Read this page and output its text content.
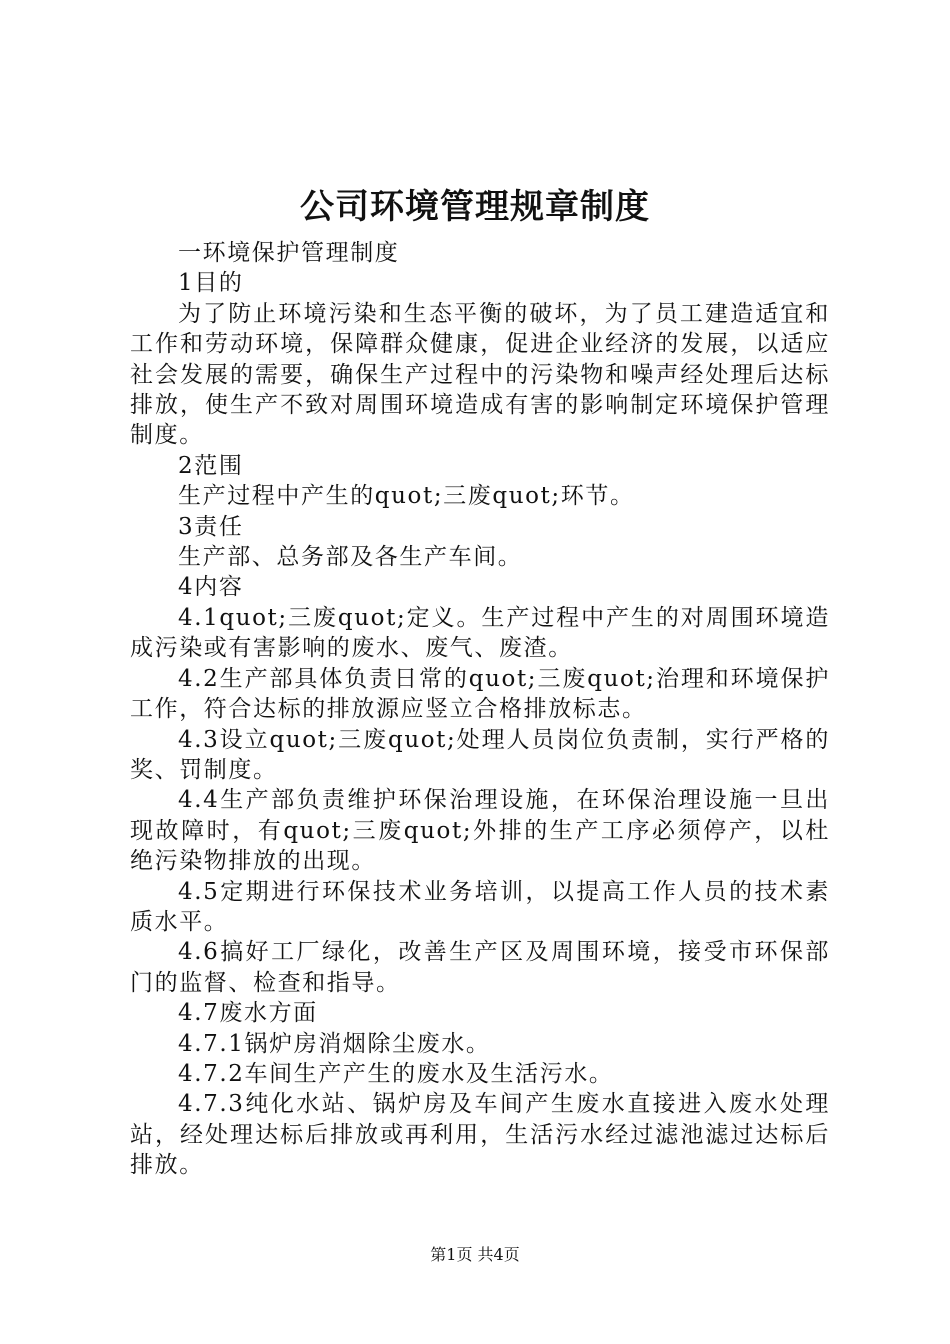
公司环境管理规章制度

一环境保护管理制度

1目的

为了防止环境污染和生态平衡的破坏，为了员工建造适宜和工作和劳动环境，保障群众健康，促进企业经济的发展，以适应社会发展的需要，确保生产过程中的污染物和噪声经处理后达标排放，使生产不致对周围环境造成有害的影响制定环境保护管理制度。

2范围

生产过程中产生的quot;三废quot;环节。

3责任

生产部、总务部及各生产车间。

4内容

4.1quot;三废quot;定义。生产过程中产生的对周围环境造成污染或有害影响的废水、废气、废渣。

4.2生产部具体负责日常的quot;三废quot;治理和环境保护工作，符合达标的排放源应竖立合格排放标志。

4.3设立quot;三废quot;处理人员岗位负责制，实行严格的奖、罚制度。

4.4生产部负责维护环保治理设施，在环保治理设施一旦出现故障时，有quot;三废quot;外排的生产工序必须停产，以杜绝污染物排放的出现。

4.5定期进行环保技术业务培训，以提高工作人员的技术素质水平。

4.6搞好工厂绿化，改善生产区及周围环境，接受市环保部门的监督、检查和指导。

4.7废水方面

4.7.1锅炉房消烟除尘废水。

4.7.2车间生产产生的废水及生活污水。

4.7.3纯化水站、锅炉房及车间产生废水直接进入废水处理站，经处理达标后排放或再利用，生活污水经过滤池滤过达标后排放。

第1页 共4页
